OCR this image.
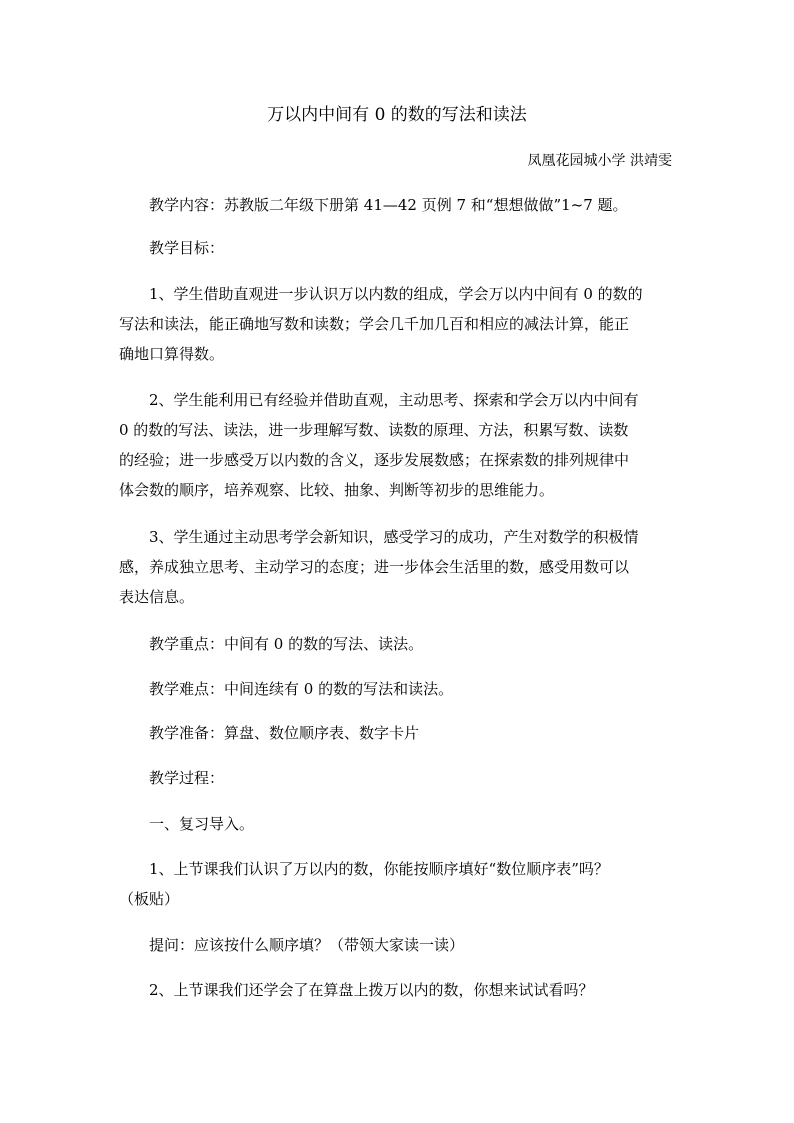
万以内中间有 0 的数的写法和读法
凤凰花园城小学 洪靖雯
教学内容：苏教版二年级下册第 41—42 页例 7 和“想想做做”1~7 题。
教学目标：
1、学生借助直观进一步认识万以内数的组成，学会万以内中间有 0 的数的
写法和读法，能正确地写数和读数；学会几千加几百和相应的减法计算，能正
确地口算得数。
2、学生能利用已有经验并借助直观，主动思考、探索和学会万以内中间有
0 的数的写法、读法，进一步理解写数、读数的原理、方法，积累写数、读数
的经验；进一步感受万以内数的含义，逐步发展数感；在探索数的排列规律中
体会数的顺序，培养观察、比较、抽象、判断等初步的思维能力。
3、学生通过主动思考学会新知识，感受学习的成功，产生对数学的积极情
感，养成独立思考、主动学习的态度；进一步体会生活里的数，感受用数可以
表达信息。
教学重点：中间有 0 的数的写法、读法。
教学难点：中间连续有 0 的数的写法和读法。
教学准备：算盘、数位顺序表、数字卡片
教学过程：
一、复习导入。
1、上节课我们认识了万以内的数，你能按顺序填好“数位顺序表”吗？
（板贴）
提问：应该按什么顺序填？（带领大家读一读）
2、上节课我们还学会了在算盘上拨万以内的数，你想来试试看吗？
